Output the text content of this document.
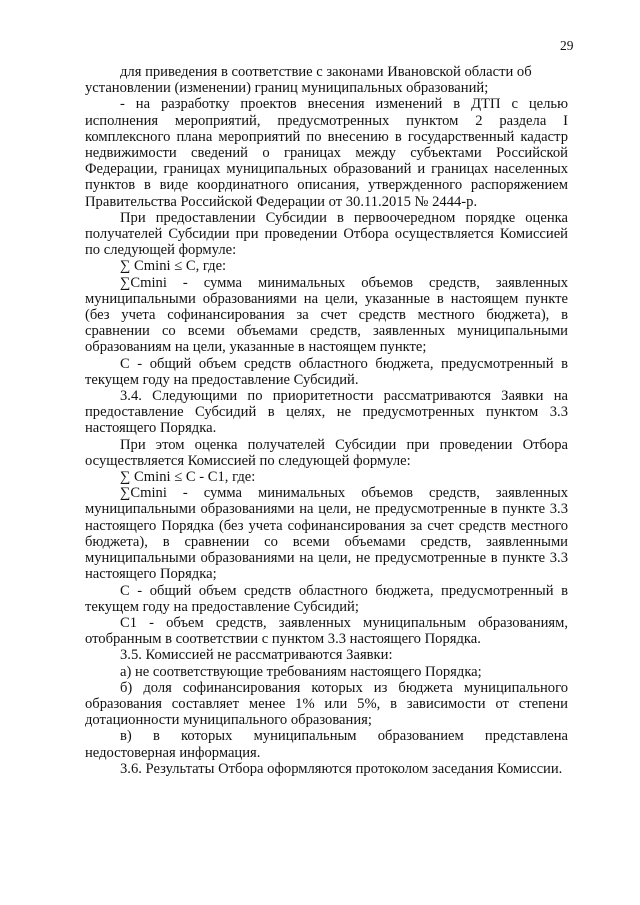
29

для приведения в соответствие с законами Ивановской области об

установлении (изменении) границ муниципальных образований;

- на разработку проектов внесения изменений в ДТП с целью исполнения мероприятий, предусмотренных пунктом 2 раздела I комплексного плана мероприятий по внесению в государственный кадастр недвижимости сведений о границах между субъектами Российской Федерации, границах муниципальных образований и границах населенных пунктов в виде координатного описания, утвержденного распоряжением Правительства Российской Федерации от 30.11.2015 № 2444-р.

При предоставлении Субсидии в первоочередном порядке оценка получателей Субсидии при проведении Отбора осуществляется Комиссией по следующей формуле:

∑ Cmini ≤ C, где:

∑Cmini - сумма минимальных объемов средств, заявленных муниципальными образованиями на цели, указанные в настоящем пункте (без учета софинансирования за счет средств местного бюджета), в сравнении со всеми объемами средств, заявленных муниципальными образованиям на цели, указанные в настоящем пункте;

C - общий объем средств областного бюджета, предусмотренный в текущем году на предоставление Субсидий.

3.4. Следующими по приоритетности рассматриваются Заявки на предоставление Субсидий в целях, не предусмотренных пунктом 3.3 настоящего Порядка.

При этом оценка получателей Субсидии при проведении Отбора осуществляется Комиссией по следующей формуле:

∑ Cmini ≤ C - C1, где:

∑Cmini - сумма минимальных объемов средств, заявленных муниципальными образованиями на цели, не предусмотренные в пункте 3.3 настоящего Порядка (без учета софинансирования за счет средств местного бюджета), в сравнении со всеми объемами средств, заявленными муниципальными образованиями на цели, не предусмотренные в пункте 3.3 настоящего Порядка;

C - общий объем средств областного бюджета, предусмотренный в текущем году на предоставление Субсидий;

C1 - объем средств, заявленных муниципальным образованиям, отобранным в соответствии с пунктом 3.3 настоящего Порядка.

3.5. Комиссией не рассматриваются Заявки:

а) не соответствующие требованиям настоящего Порядка;

б) доля софинансирования которых из бюджета муниципального образования составляет менее 1% или 5%, в зависимости от степени дотационности муниципального образования;

в) в которых муниципальным образованием представлена недостоверная информация.

3.6. Результаты Отбора оформляются протоколом заседания Комиссии.
